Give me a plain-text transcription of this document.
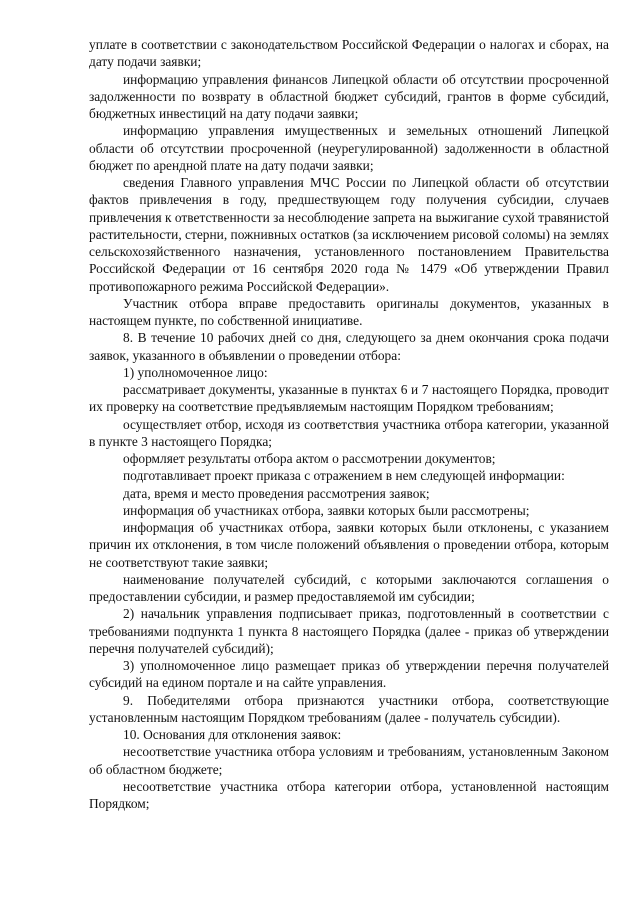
уплате в соответствии с законодательством Российской Федерации о налогах и сборах, на дату подачи заявки;

информацию управления финансов Липецкой области об отсутствии просроченной задолженности по возврату в областной бюджет субсидий, грантов в форме субсидий, бюджетных инвестиций на дату подачи заявки;

информацию управления имущественных и земельных отношений Липецкой области об отсутствии просроченной (неурегулированной) задолженности в областной бюджет по арендной плате на дату подачи заявки;

сведения Главного управления МЧС России по Липецкой области об отсутствии фактов привлечения в году, предшествующем году получения субсидии, случаев привлечения к ответственности за несоблюдение запрета на выжигание сухой травянистой растительности, стерни, пожнивных остатков (за исключением рисовой соломы) на землях сельскохозяйственного назначения, установленного постановлением Правительства Российской Федерации от 16 сентября 2020 года № 1479 «Об утверждении Правил противопожарного режима Российской Федерации».

Участник отбора вправе предоставить оригиналы документов, указанных в настоящем пункте, по собственной инициативе.

8. В течение 10 рабочих дней со дня, следующего за днем окончания срока подачи заявок, указанного в объявлении о проведении отбора:

1) уполномоченное лицо:

рассматривает документы, указанные в пунктах 6 и 7 настоящего Порядка, проводит их проверку на соответствие предъявляемым настоящим Порядком требованиям;

осуществляет отбор, исходя из соответствия участника отбора категории, указанной в пункте 3 настоящего Порядка;

оформляет результаты отбора актом о рассмотрении документов;

подготавливает проект приказа с отражением в нем следующей информации:

дата, время и место проведения рассмотрения заявок;

информация об участниках отбора, заявки которых были рассмотрены;

информация об участниках отбора, заявки которых были отклонены, с указанием причин их отклонения, в том числе положений объявления о проведении отбора, которым не соответствуют такие заявки;

наименование получателей субсидий, с которыми заключаются соглашения о предоставлении субсидии, и размер предоставляемой им субсидии;

2) начальник управления подписывает приказ, подготовленный в соответствии с требованиями подпункта 1 пункта 8 настоящего Порядка (далее - приказ об утверждении перечня получателей субсидий);

3) уполномоченное лицо размещает приказ об утверждении перечня получателей субсидий на едином портале и на сайте управления.

9. Победителями отбора признаются участники отбора, соответствующие установленным настоящим Порядком требованиям (далее - получатель субсидии).

10. Основания для отклонения заявок:

несоответствие участника отбора условиям и требованиям, установленным Законом об областном бюджете;

несоответствие участника отбора категории отбора, установленной настоящим Порядком;
